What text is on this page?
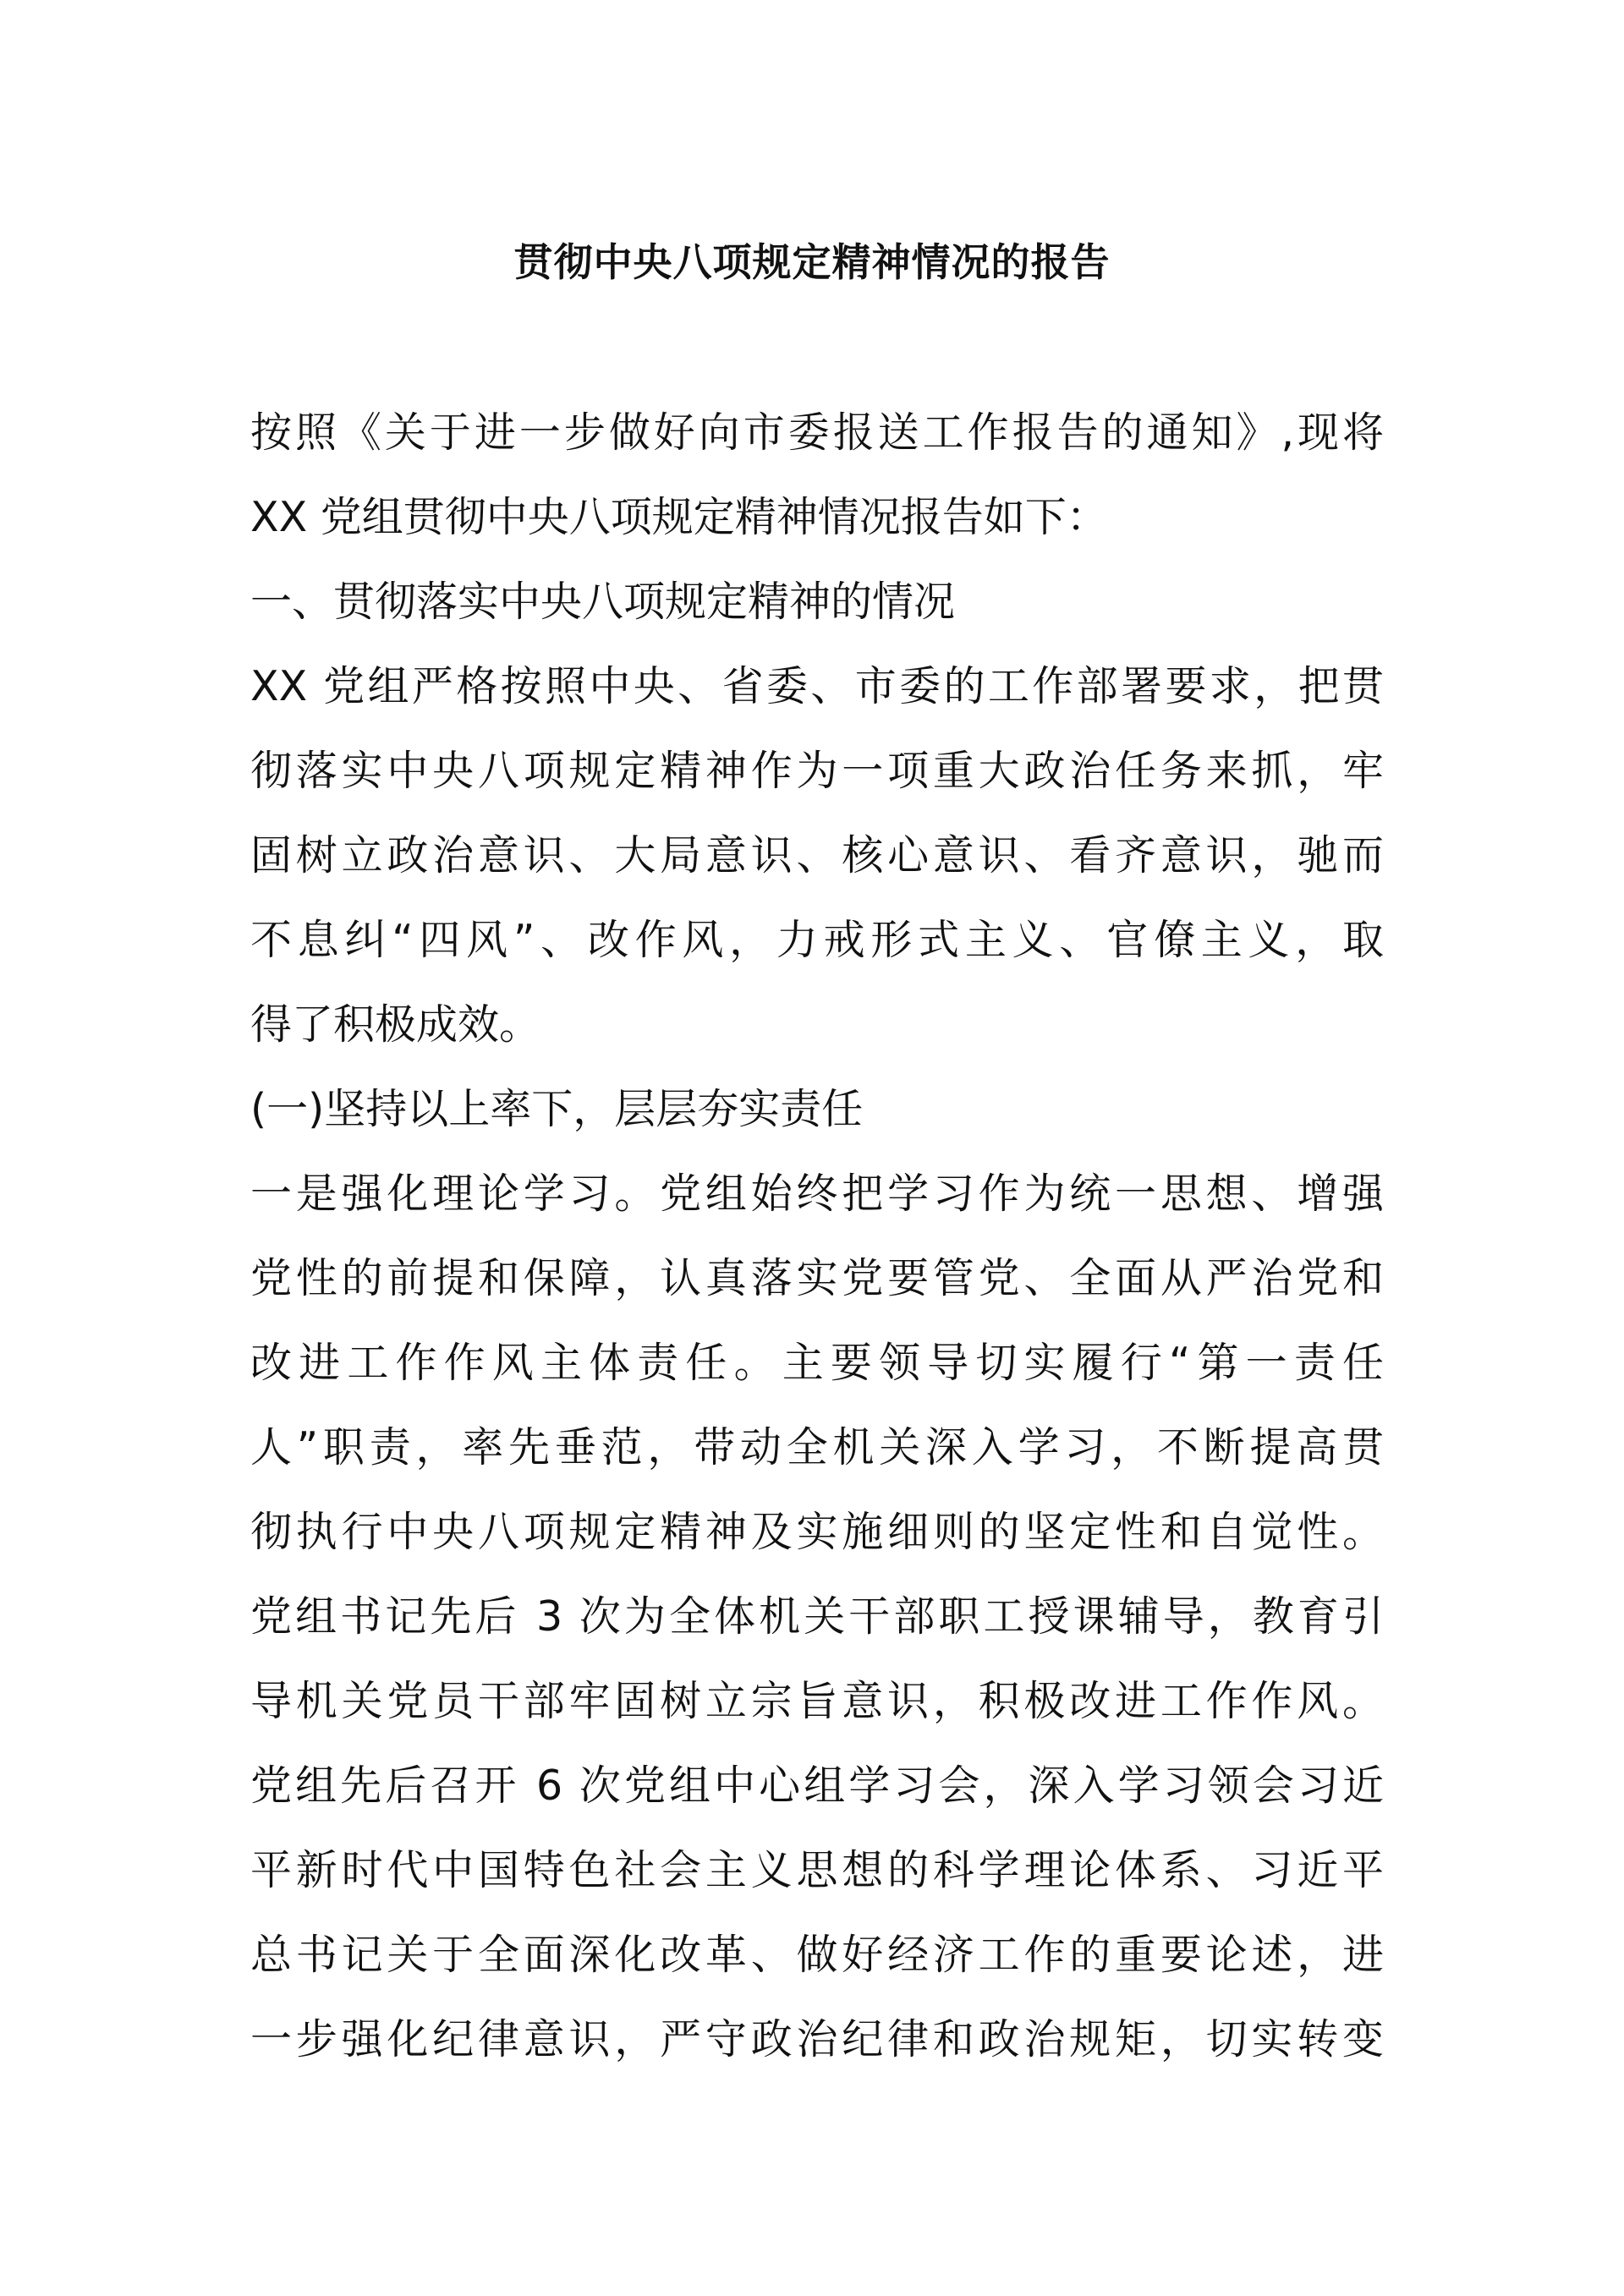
贯彻中央八项规定精神情况的报告

按照《关于进一步做好向市委报送工作报告的通知》,现将

XX 党组贯彻中央八项规定精神情况报告如下：

一、贯彻落实中央八项规定精神的情况

XX 党组严格按照中央、省委、市委的工作部署要求，把贯

彻落实中央八项规定精神作为一项重大政治任务来抓，牢

固树立政治意识、大局意识、核心意识、看齐意识，驰而

不息纠“四风”、改作风，力戒形式主义、官僚主义，取

得了积极成效。

(一)坚持以上率下，层层夯实责任

一是强化理论学习。党组始终把学习作为统一思想、增强

党性的前提和保障，认真落实党要管党、全面从严治党和

改进工作作风主体责任。主要领导切实履行“第一责任

人”职责，率先垂范，带动全机关深入学习，不断提高贯

彻执行中央八项规定精神及实施细则的坚定性和自觉性。

党组书记先后 3 次为全体机关干部职工授课辅导，教育引

导机关党员干部牢固树立宗旨意识，积极改进工作作风。

党组先后召开 6 次党组中心组学习会，深入学习领会习近

平新时代中国特色社会主义思想的科学理论体系、习近平

总书记关于全面深化改革、做好经济工作的重要论述，进

一步强化纪律意识，严守政治纪律和政治规矩，切实转变
